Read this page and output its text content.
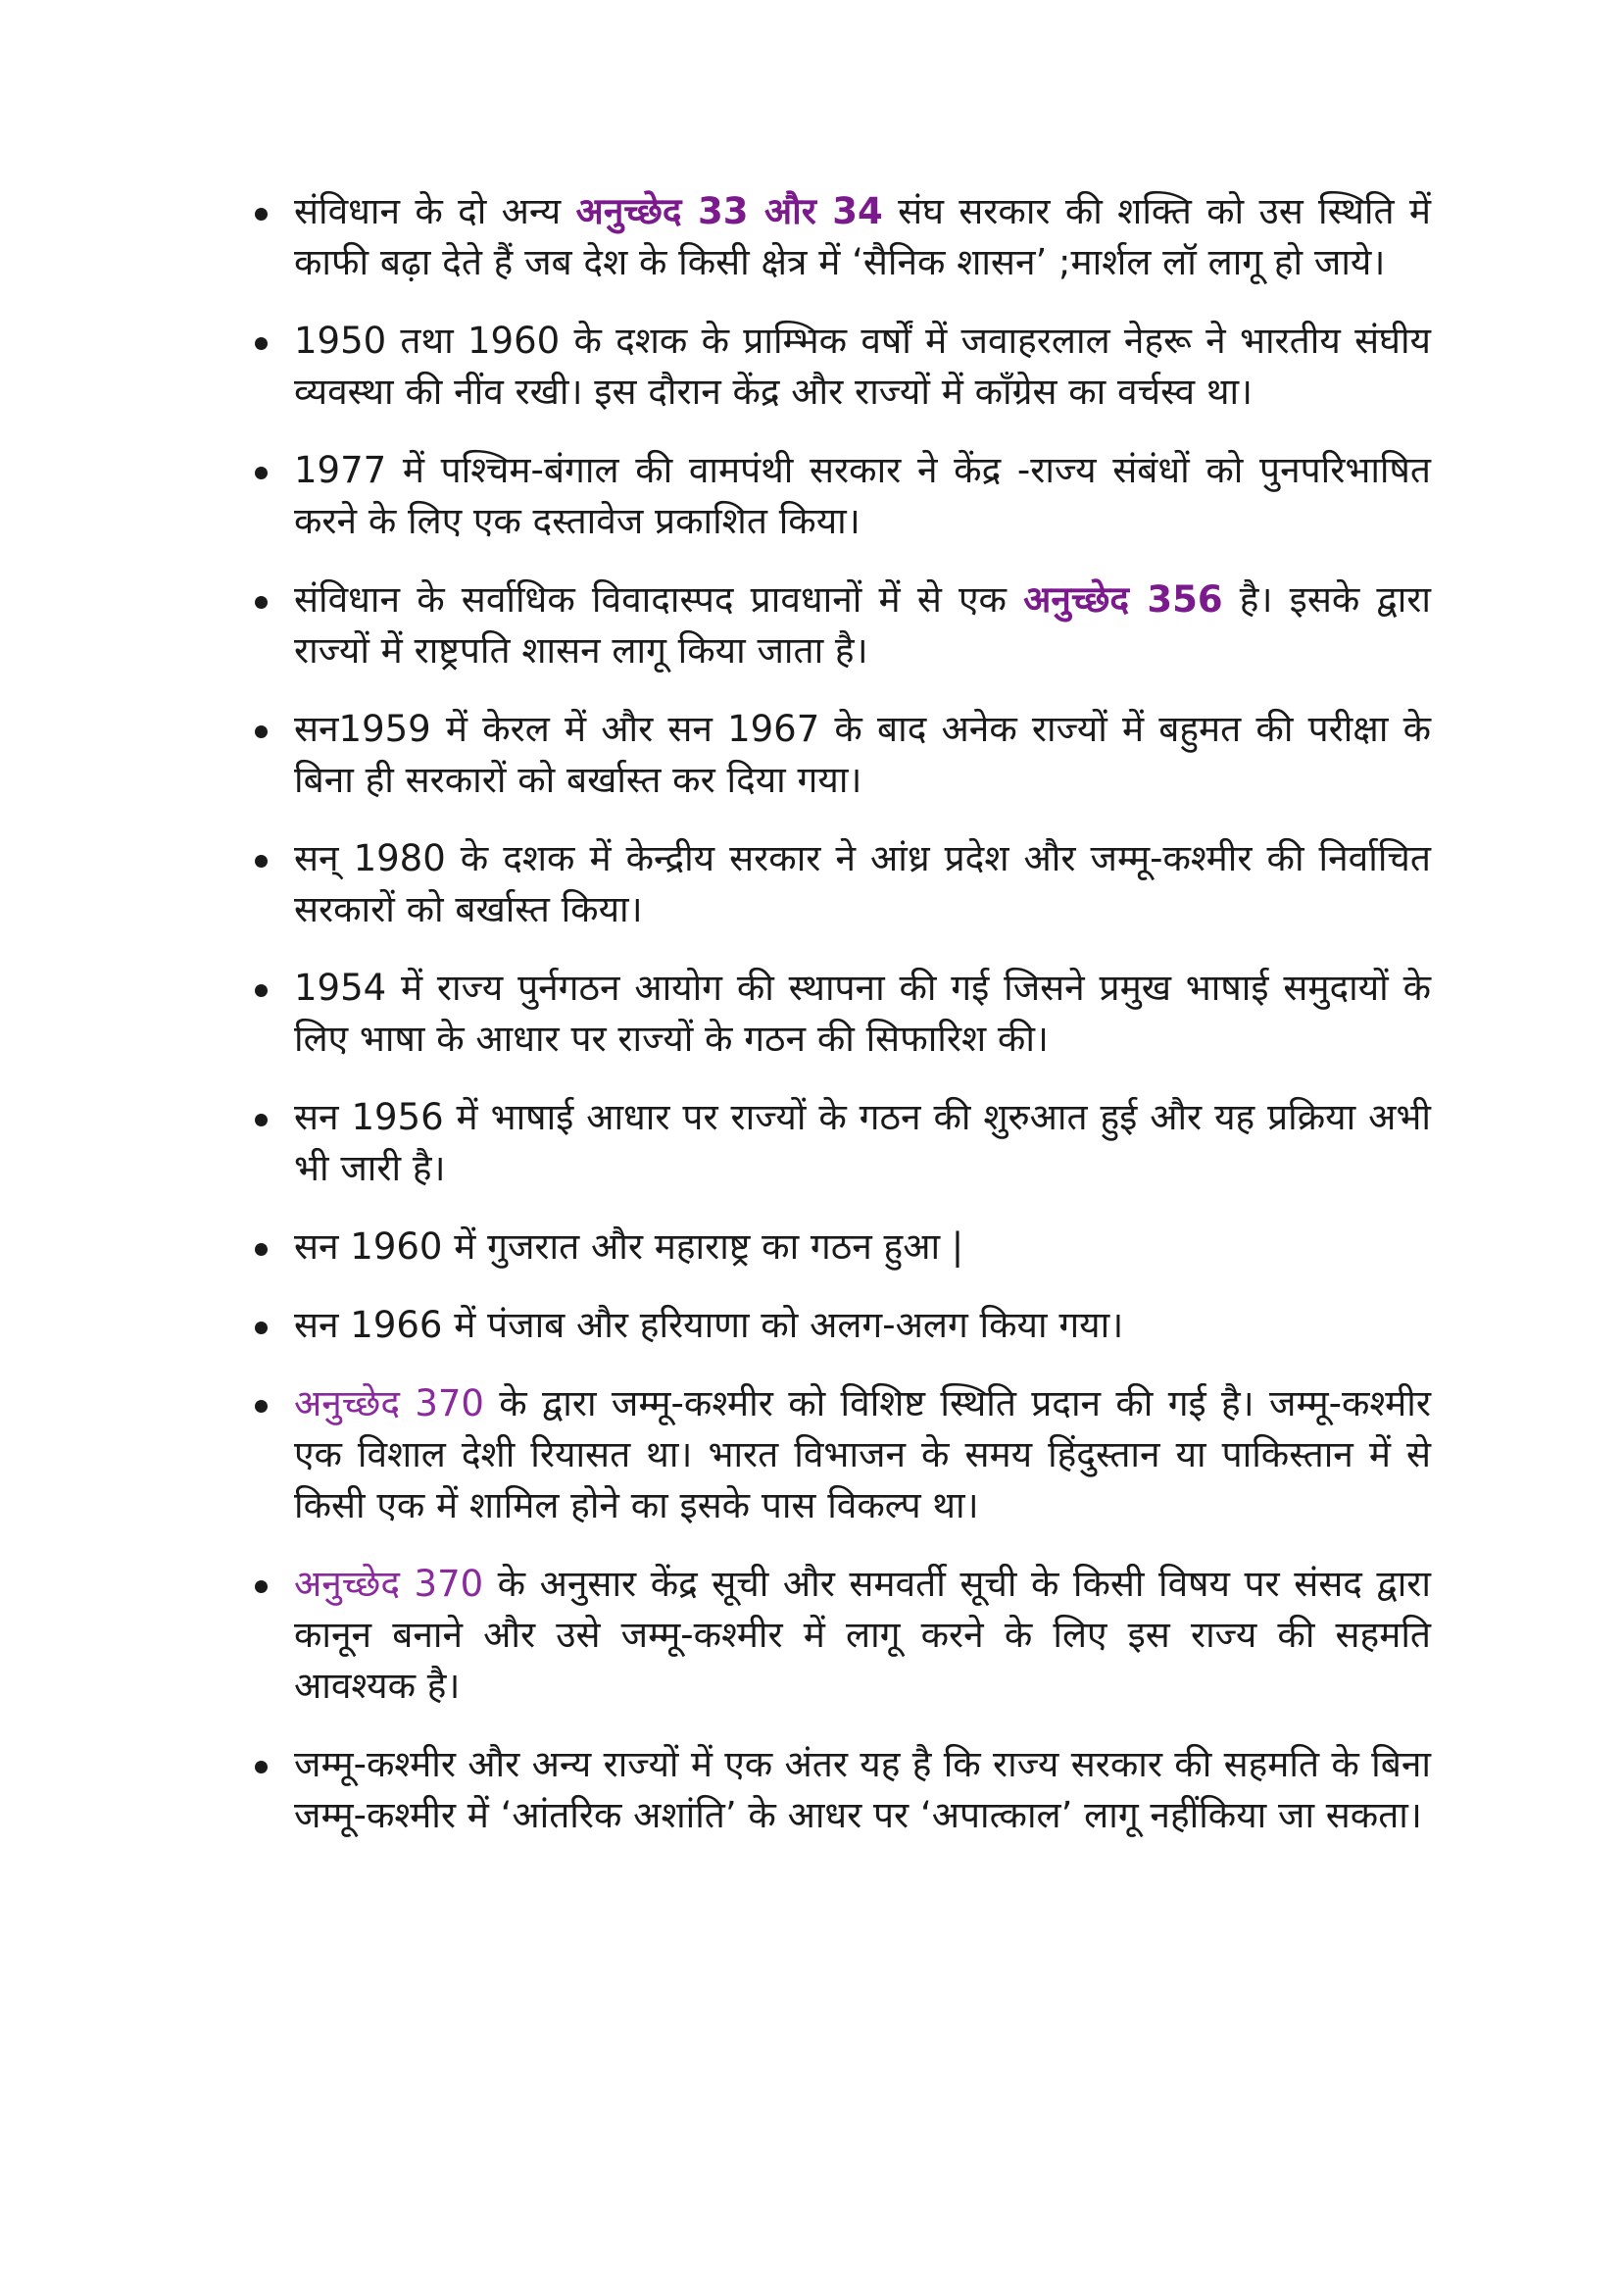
संविधान के दो अन्य अनुच्छेद 33 और 34 संघ सरकार की शक्ति को उस स्थिति में काफी बढ़ा देते हैं जब देश के किसी क्षेत्र में ‘सैनिक शासन’ ;मार्शल लॉ लागू हो जाये।
1950 तथा 1960 के दशक के प्राम्भिक वर्षों में जवाहरलाल नेहरू ने भारतीय संघीय व्यवस्था की नींव रखी। इस दौरान केंद्र और राज्यों में काँग्रेस का वर्चस्व था।
1977 में पश्चिम-बंगाल की वामपंथी सरकार ने केंद्र -राज्य संबंधों को पुनपरिभाषित करने के लिए एक दस्तावेज प्रकाशित किया।
संविधान के सर्वाधिक विवादास्पद प्रावधानों में से एक अनुच्छेद 356 है। इसके द्वारा राज्यों में राष्ट्रपति शासन लागू किया जाता है।
सन1959 में केरल में और सन 1967 के बाद अनेक राज्यों में बहुमत की परीक्षा के बिना ही सरकारों को बर्खास्त कर दिया गया।
सन् 1980 के दशक में केन्द्रीय सरकार ने आंध्र प्रदेश और जम्मू-कश्मीर की निर्वाचित सरकारों को बर्खास्त किया।
1954 में राज्य पुर्नगठन आयोग की स्थापना की गई जिसने प्रमुख भाषाई समुदायों के लिए भाषा के आधार पर राज्यों के गठन की सिफारिश की।
सन 1956 में भाषाई आधार पर राज्यों के गठन की शुरुआत हुई और यह प्रक्रिया अभी भी जारी है।
सन 1960 में गुजरात और महाराष्ट्र का गठन हुआ |
सन 1966 में पंजाब और हरियाणा को अलग-अलग किया गया।
अनुच्छेद 370 के द्वारा जम्मू-कश्मीर को विशिष्ट स्थिति प्रदान की गई है। जम्मू-कश्मीर एक विशाल देशी रियासत था। भारत विभाजन के समय हिंदुस्तान या पाकिस्तान में से किसी एक में शामिल होने का इसके पास विकल्प था।
अनुच्छेद 370 के अनुसार केंद्र सूची और समवर्ती सूची के किसी विषय पर संसद द्वारा कानून बनाने और उसे जम्मू-कश्मीर में लागू करने के लिए इस राज्य की सहमति आवश्यक है।
जम्मू-कश्मीर और अन्य राज्यों में एक अंतर यह है कि राज्य सरकार की सहमति के बिना जम्मू-कश्मीर में ‘आंतरिक अशांति’ के आधर पर ‘अपात्काल’ लागू नहींकिया जा सकता।
